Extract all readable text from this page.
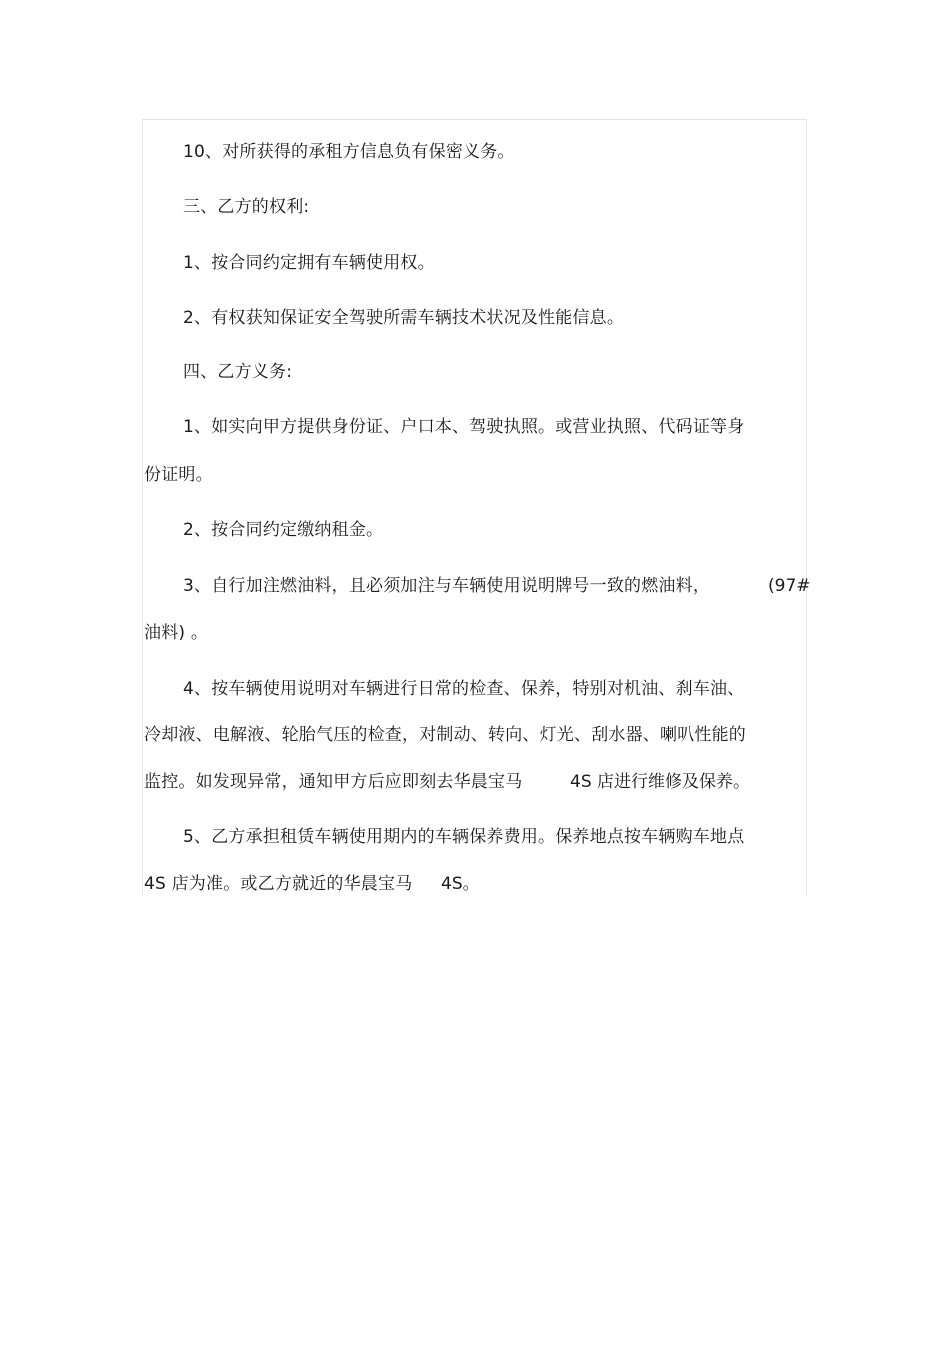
10、对所获得的承租方信息负有保密义务。
三、乙方的权利:
1、按合同约定拥有车辆使用权。
2、有权获知保证安全驾驶所需车辆技术状况及性能信息。
四、乙方义务:
1、如实向甲方提供身份证、户口本、驾驶执照。或营业执照、代码证等身
份证明。
2、按合同约定缴纳租金。
3、自行加注燃油料，且必须加注与车辆使用说明牌号一致的燃油料，	(97#
油料) 。
4、按车辆使用说明对车辆进行日常的检查、保养，特别对机油、刹车油、
冷却液、电解液、轮胎气压的检查，对制动、转向、灯光、刮水器、喇叭性能的
监控。如发现异常，通知甲方后应即刻去华晨宝马	4S 店进行维修及保养。
5、乙方承担租赁车辆使用期内的车辆保养费用。保养地点按车辆购车地点
4S 店为准。或乙方就近的华晨宝马 4S。
